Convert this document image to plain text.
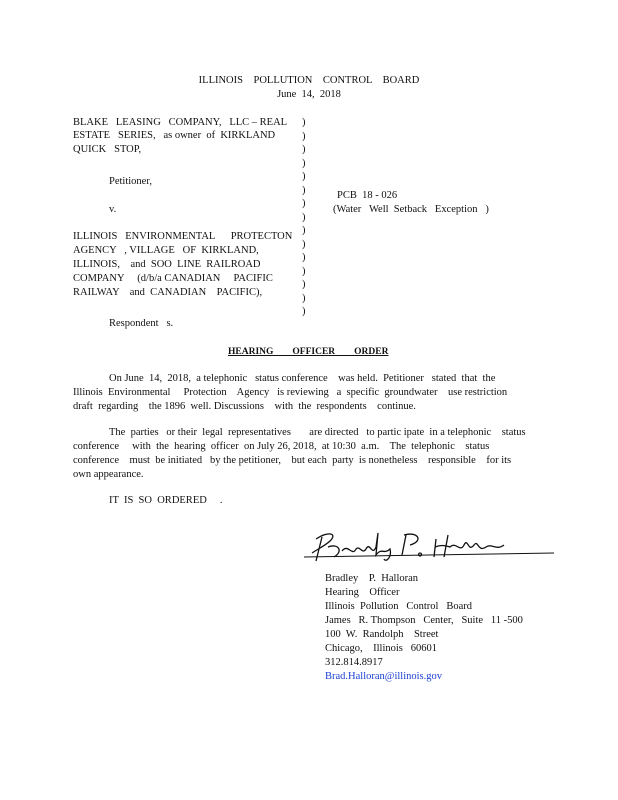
ILLINOIS    POLLUTION    CONTROL    BOARD
June  14,  2018
BLAKE   LEASING   COMPANY,   LLC – REAL
ESTATE   SERIES,   as owner  of  KIRKLAND
QUICK   STOP,
Petitioner,
v.
ILLINOIS   ENVIRONMENTAL      PROTECTON
AGENCY   , VILLAGE   OF  KIRKLAND,
ILLINOIS,    and  SOO  LINE  RAILROAD
COMPANY     (d/b/a CANADIAN     PACIFIC
RAILWAY    and  CANADIAN    PACIFIC),
Respondent   s.
)
)
)
)
)
)
)
)
)
)
)
)
)
)
)
PCB  18 - 026
(Water   Well  Setback   Exception   )
HEARING        OFFICER        ORDER
On June  14,  2018,  a telephonic   status conference    was held.  Petitioner   stated  that  the
Illinois  Environmental     Protection    Agency   is reviewing   a  specific  groundwater    use restriction
draft  regarding    the 1896  well. Discussions    with  the  respondents    continue.
The  parties   or their  legal  representatives       are directed   to partic ipate  in a telephonic    status
conference     with  the  hearing  officer  on July 26, 2018,  at 10:30  a.m.    The  telephonic    status
conference    must  be initiated   by the petitioner,    but each  party  is nonetheless    responsible    for its
own appearance.
IT  IS  SO  ORDERED     .
Bradley    P.  Halloran
Hearing    Officer
Illinois  Pollution   Control   Board
James   R. Thompson   Center,   Suite   11 -500
100  W.  Randolph    Street
Chicago,    Illinois   60601
312.814.8917
Brad.Halloran@illinois.gov
